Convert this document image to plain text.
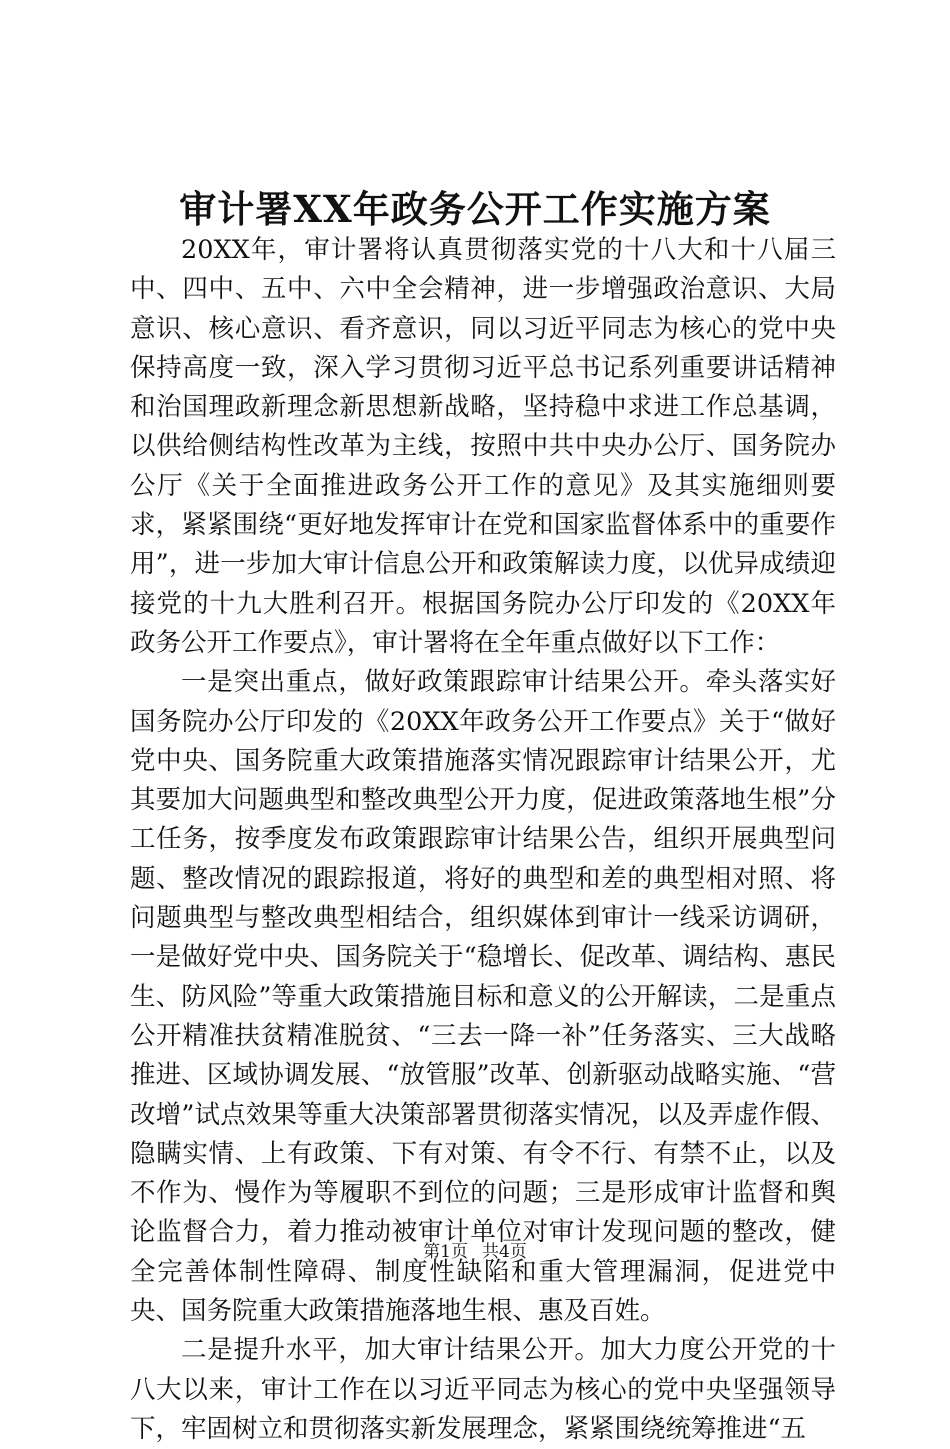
审计署XX年政务公开工作实施方案

20XX年，审计署将认真贯彻落实党的十八大和十八届三中、四中、五中、六中全会精神，进一步增强政治意识、大局意识、核心意识、看齐意识，同以习近平同志为核心的党中央保持高度一致，深入学习贯彻习近平总书记系列重要讲话精神和治国理政新理念新思想新战略，坚持稳中求进工作总基调，以供给侧结构性改革为主线，按照中共中央办公厅、国务院办公厅《关于全面推进政务公开工作的意见》及其实施细则要求，紧紧围绕“更好地发挥审计在党和国家监督体系中的重要作用”，进一步加大审计信息公开和政策解读力度，以优异成绩迎接党的十九大胜利召开。根据国务院办公厅印发的《20XX年政务公开工作要点》，审计署将在全年重点做好以下工作：

一是突出重点，做好政策跟踪审计结果公开。牵头落实好国务院办公厅印发的《20XX年政务公开工作要点》关于“做好党中央、国务院重大政策措施落实情况跟踪审计结果公开，尤其要加大问题典型和整改典型公开力度，促进政策落地生根”分工任务，按季度发布政策跟踪审计结果公告，组织开展典型问题、整改情况的跟踪报道，将好的典型和差的典型相对照、将问题典型与整改典型相结合，组织媒体到审计一线采访调研，一是做好党中央、国务院关于“稳增长、促改革、调结构、惠民生、防风险”等重大政策措施目标和意义的公开解读，二是重点公开精准扶贫精准脱贫、“三去一降一补”任务落实、三大战略推进、区域协调发展、“放管服”改革、创新驱动战略实施、“营改增”试点效果等重大决策部署贯彻落实情况，以及弄虚作假、隐瞒实情、上有政策、下有对策、有令不行、有禁不止，以及不作为、慢作为等履职不到位的问题；三是形成审计监督和舆论监督合力，着力推动被审计单位对审计发现问题的整改，健全完善体制性障碍、制度性缺陷和重大管理漏洞，促进党中央、国务院重大政策措施落地生根、惠及百姓。

二是提升水平，加大审计结果公开。加大力度公开党的十八大以来，审计工作在以习近平同志为核心的党中央坚强领导下，牢固树立和贯彻落实新发展理念，紧紧围绕统筹推进“五

第1页 共4页
